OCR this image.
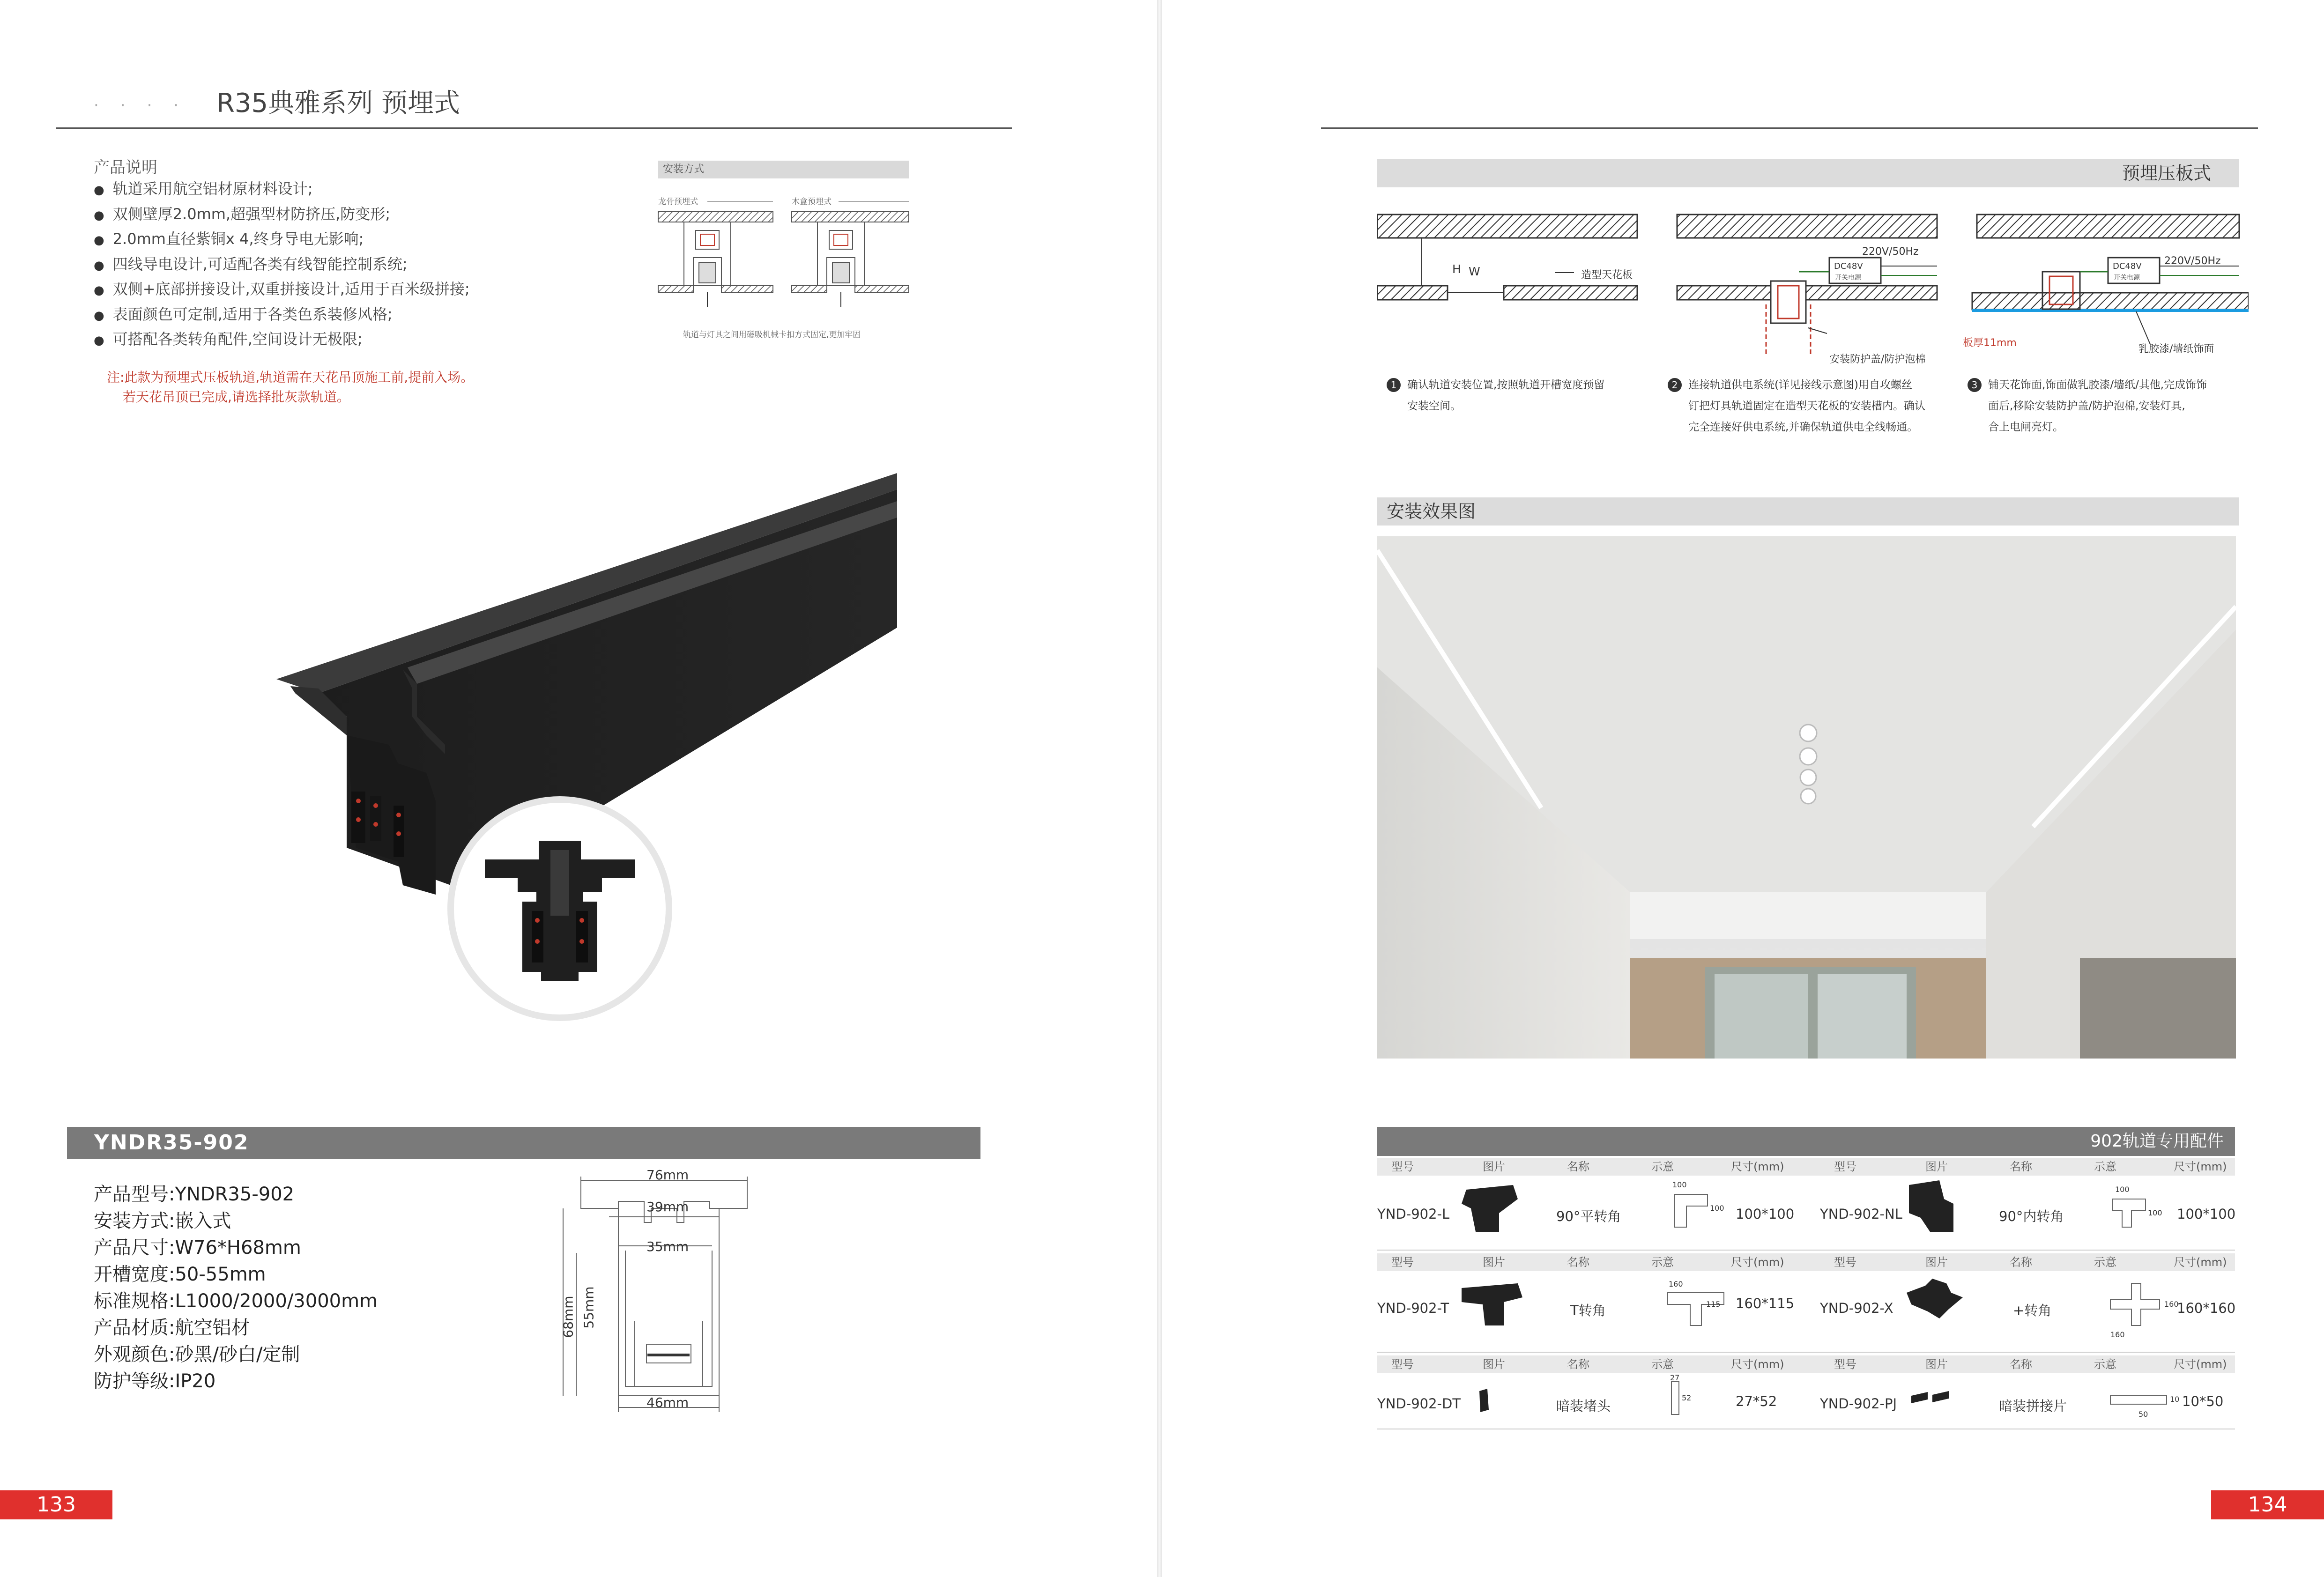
···· R35典雅系列 预埋式
产品说明
● 轨道采用航空铝材原材料设计;
● 双侧壁厚2.0mm,超强型材防挤压,防变形;
● 2.0mm直径紫铜x 4,终身导电无影响;
● 四线导电设计,可适配各类有线智能控制系统;
● 双侧+底部拼接设计,双重拼接设计,适用于百米级拼接;
● 表面颜色可定制,适用于各类色系装修风格;
● 可搭配各类转角配件,空间设计无极限;
注:此款为预埋式压板轨道,轨道需在天花吊顶施工前,提前入场。
若天花吊顶已完成,请选择批灰款轨道。
安装方式
龙骨预埋式	木盒预埋式
轨道与灯具之间用磁吸机械卡扣方式固定,更加牢固
YNDR35-902
产品型号:YNDR35-902
安装方式:嵌入式
产品尺寸:W76*H68mm
开槽宽度:50-55mm
标准规格:L1000/2000/3000mm
产品材质:航空铝材
外观颜色:砂黑/砂白/定制
防护等级:IP20
76mm
39mm
35mm
68mm 55mm
46mm
133
预埋压板式
H W	造型天花板
220V/50Hz
DC48V
开关电源
安装防护盖/防护泡棉
220V/50Hz
DC48V
开关电源
板厚11mm
乳胶漆/墙纸饰面
1 确认轨道安装位置,按照轨道开槽宽度预留
安装空间。
2 连接轨道供电系统(详见接线示意图)用自攻螺丝
钉把灯具轨道固定在造型天花板的安装槽内。确认
完全连接好供电系统,并确保轨道供电全线畅通。
3 铺天花饰面,饰面做乳胶漆/墙纸/其他,完成饰饰
面后,移除安装防护盖/防护泡棉,安装灯具,
合上电闸亮灯。
安装效果图
902轨道专用配件
型号	图片	名称	示意	尺寸(mm)	型号	图片	名称	示意	尺寸(mm)
型号	图片	名称	示意	尺寸(mm)	型号	图片	名称	示意	尺寸(mm)
型号	图片	名称	示意	尺寸(mm)	型号	图片	名称	示意	尺寸(mm)
YND-902-L	90°平转角	100*100 YND-902-NL	90°内转角	100*100
YND-902-T	T转角	160*115 YND-902-X	+转角	160*160
YND-902-DT	暗装堵头	27*52	YND-902-PJ	暗装拼接片	10*50
100
100
100
100
160
115
160
160
27
52	10
50
134
